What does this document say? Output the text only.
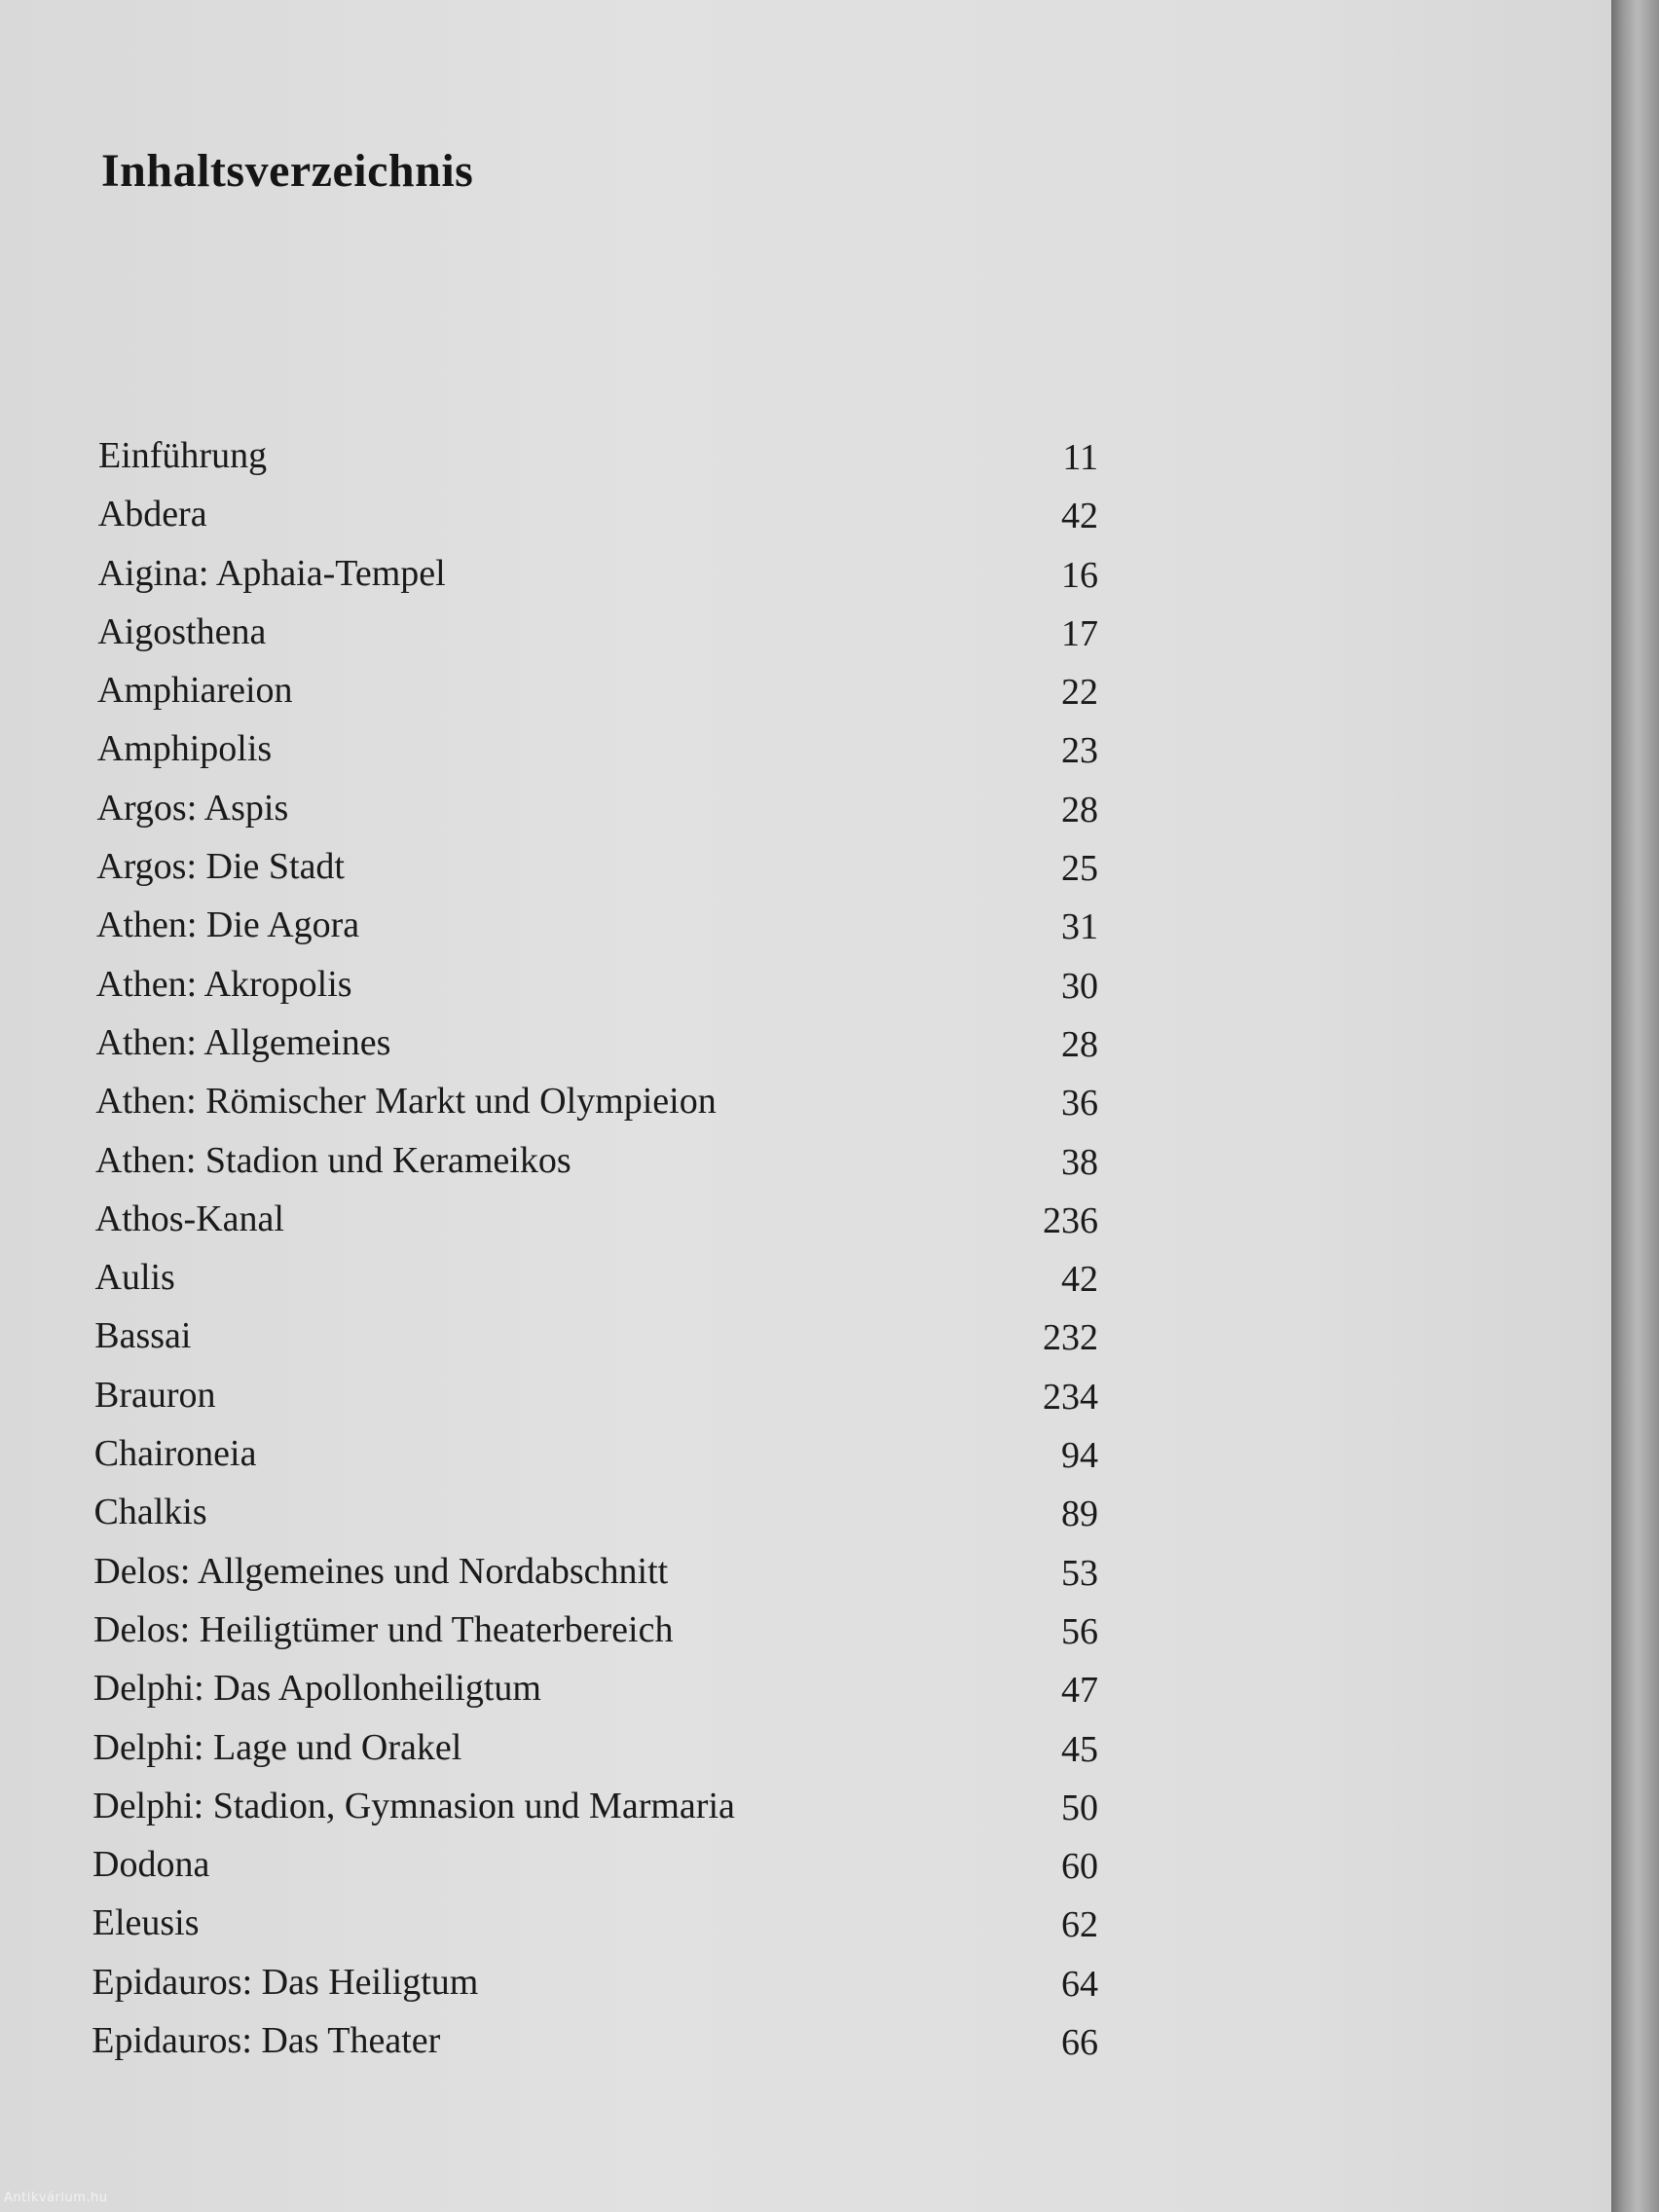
Inhaltsverzeichnis
Einführung	11
Abdera	42
Aigina: Aphaia-Tempel	16
Aigosthena	17
Amphiareion	22
Amphipolis	23
Argos: Aspis	28
Argos: Die Stadt	25
Athen: Die Agora	31
Athen: Akropolis	30
Athen: Allgemeines	28
Athen: Römischer Markt und Olympieion	36
Athen: Stadion und Kerameikos	38
Athos-Kanal	236
Aulis	42
Bassai	232
Brauron	234
Chaironeia	94
Chalkis	89
Delos: Allgemeines und Nordabschnitt	53
Delos: Heiligtümer und Theaterbereich	56
Delphi: Das Apollonheiligtum	47
Delphi: Lage und Orakel	45
Delphi: Stadion, Gymnasion und Marmaria	50
Dodona	60
Eleusis	62
Epidauros: Das Heiligtum	64
Epidauros: Das Theater	66
Antikvárium.hu
